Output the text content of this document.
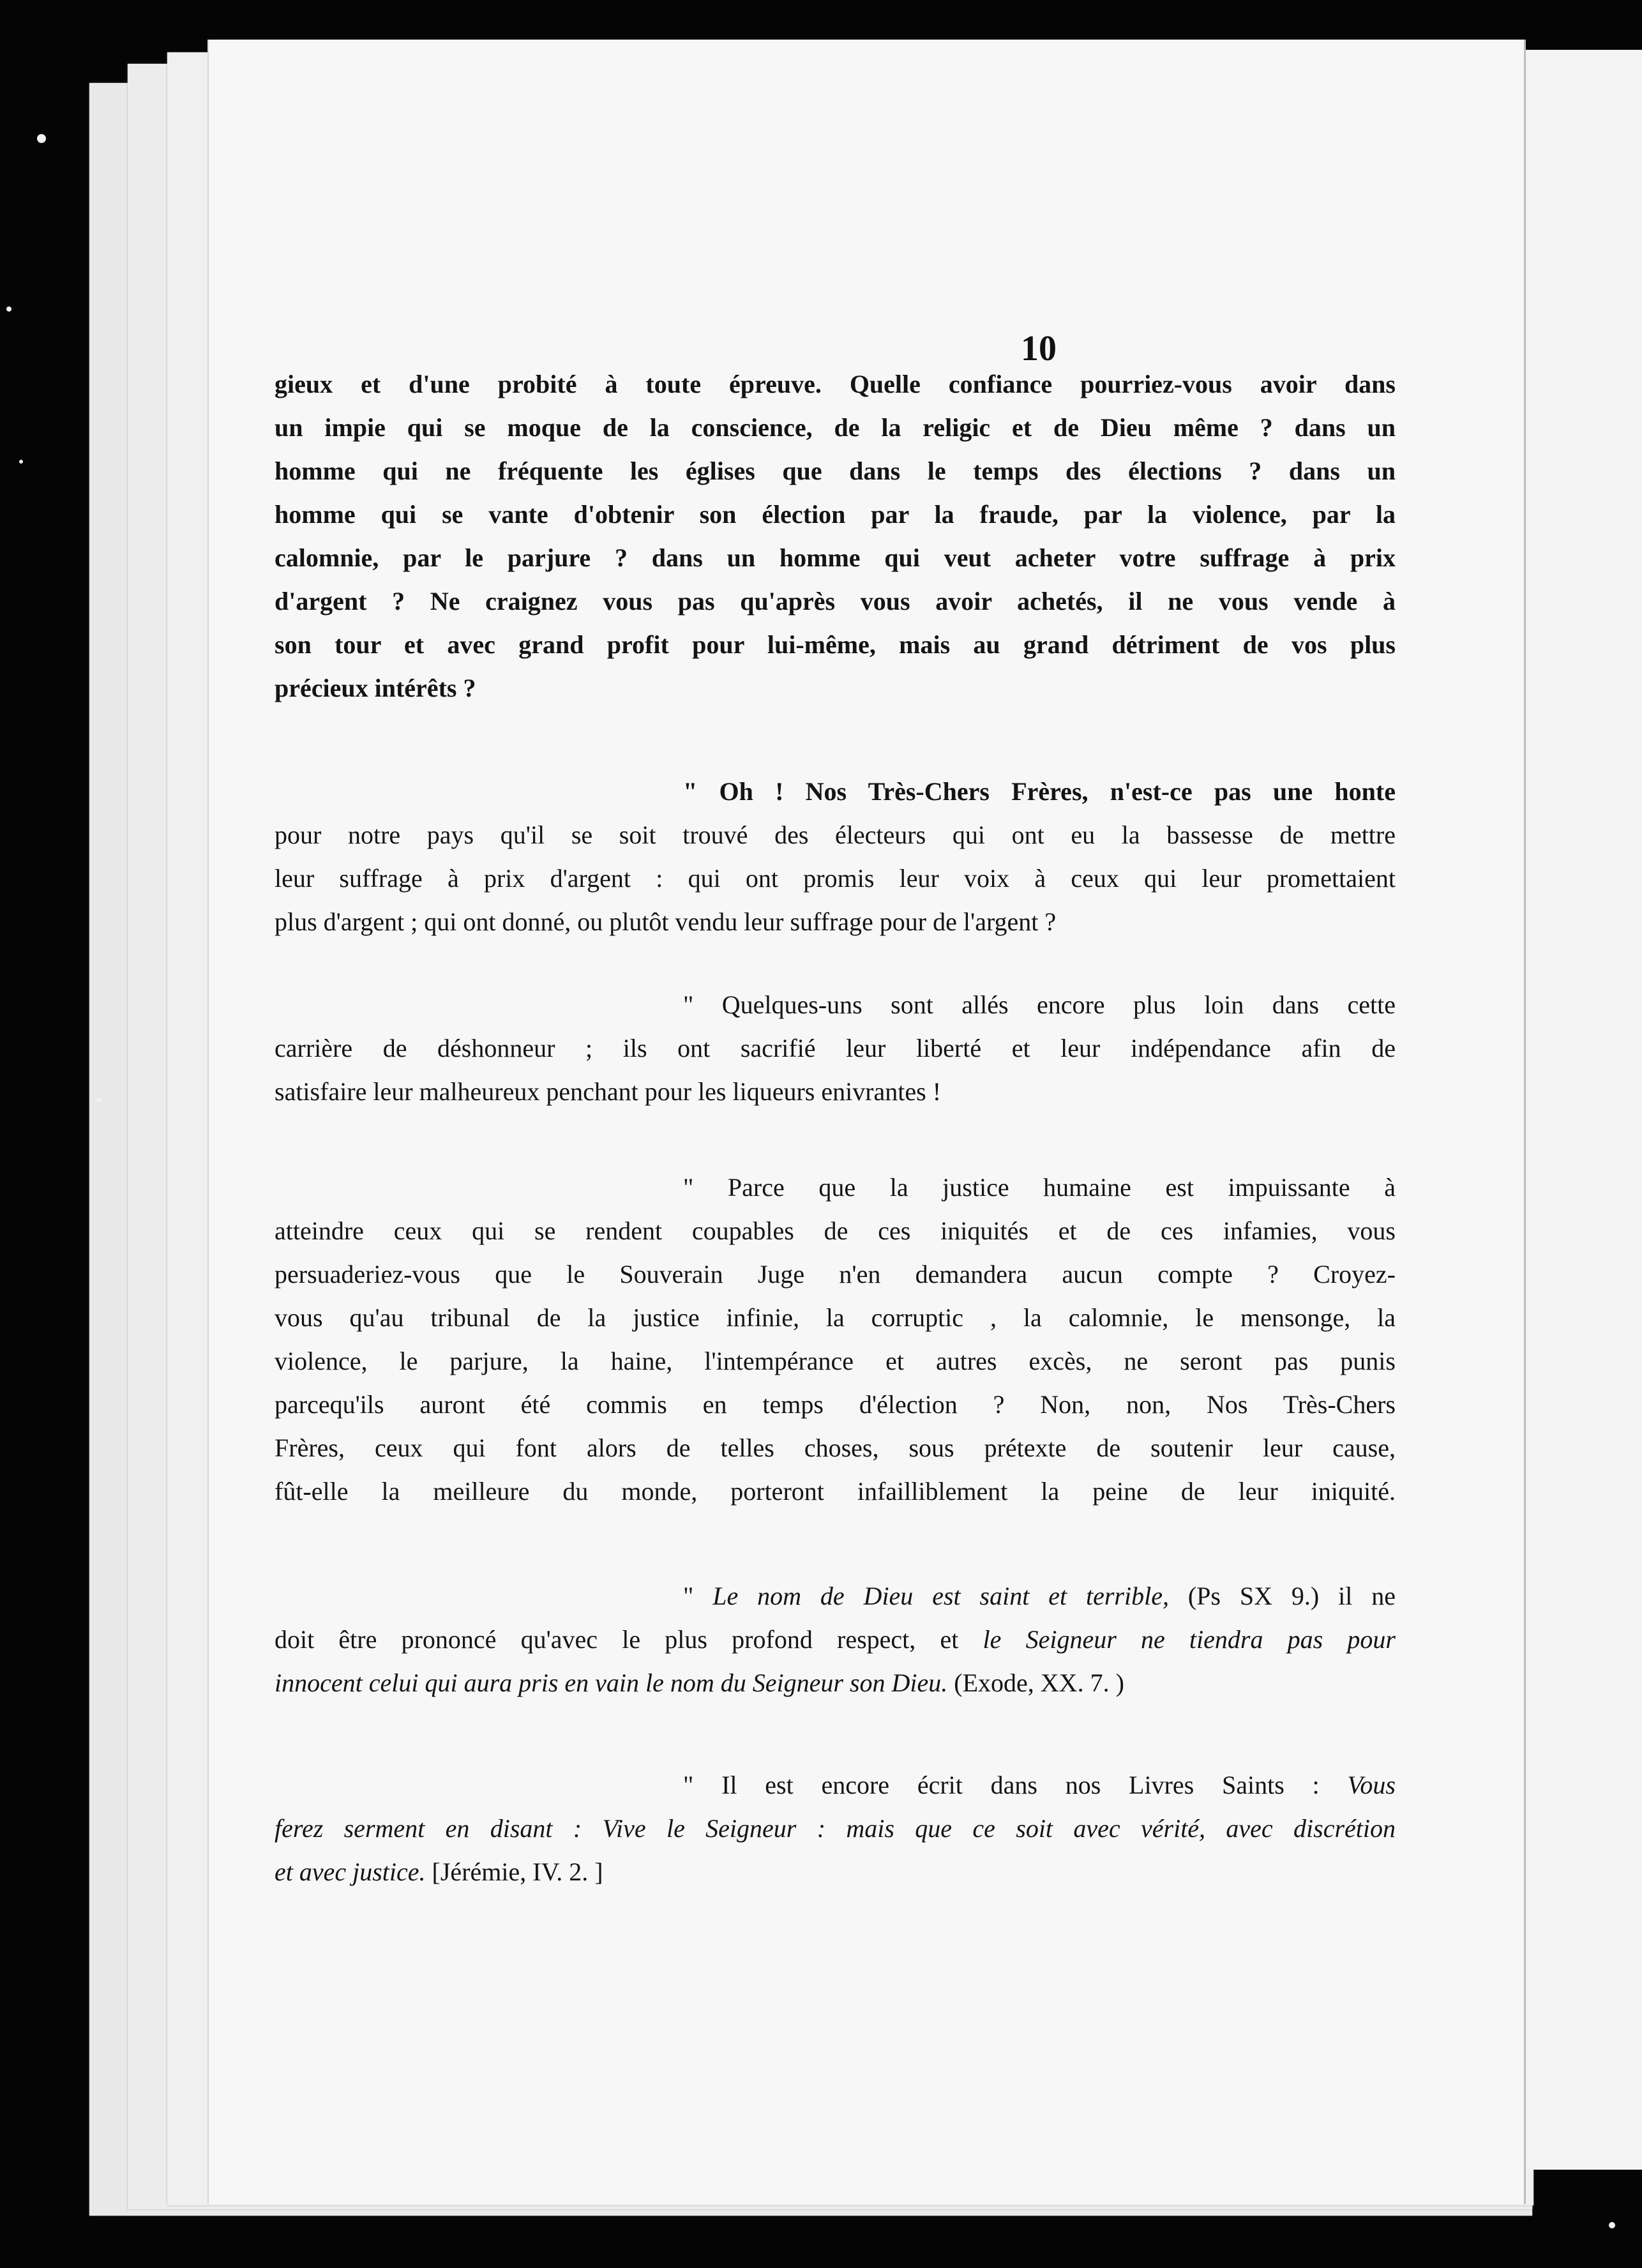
10
gieux et d'une probité à toute épreuve. Quelle confiance pourriez-vous avoir dans
un impie qui se moque de la conscience, de la religic et de Dieu même ? dans un
homme qui ne fréquente les églises que dans le temps des élections ? dans un
homme qui se vante d'obtenir son élection par la fraude, par la violence, par la
calomnie, par le parjure ? dans un homme qui veut acheter votre suffrage à prix
d'argent ? Ne craignez vous pas qu'après vous avoir achetés, il ne vous vende à
son tour et avec grand profit pour lui-même, mais au grand détriment de vos plus
précieux intérêts ?
" Oh ! Nos Très-Chers Frères, n'est-ce pas une honte
pour notre pays qu'il se soit trouvé des électeurs qui ont eu la bassesse de mettre
leur suffrage à prix d'argent : qui ont promis leur voix à ceux qui leur promettaient
plus d'argent ; qui ont donné, ou plutôt vendu leur suffrage pour de l'argent ?
" Quelques-uns sont allés encore plus loin dans cette
carrière de déshonneur ; ils ont sacrifié leur liberté et leur indépendance afin de
satisfaire leur malheureux penchant pour les liqueurs enivrantes !
" Parce que la justice humaine est impuissante à
atteindre ceux qui se rendent coupables de ces iniquités et de ces infamies, vous
persuaderiez-vous que le Souverain Juge n'en demandera aucun compte ? Croyez-
vous qu'au tribunal de la justice infinie, la corruptic , la calomnie, le mensonge, la
violence, le parjure, la haine, l'intempérance et autres excès, ne seront pas punis
parcequ'ils auront été commis en temps d'élection ? Non, non, Nos Très-Chers
Frères, ceux qui font alors de telles choses, sous prétexte de soutenir leur cause,
fût-elle la meilleure du monde, porteront infailliblement la peine de leur iniquité.
" Le nom de Dieu est saint et terrible, (Ps SX 9.) il ne
doit être prononcé qu'avec le plus profond respect, et le Seigneur ne tiendra pas pour
innocent celui qui aura pris en vain le nom du Seigneur son Dieu. (Exode, XX. 7. )
" Il est encore écrit dans nos Livres Saints : Vous
ferez serment en disant : Vive le Seigneur : mais que ce soit avec vérité, avec discrétion
et avec justice. [Jérémie, IV. 2. ]
